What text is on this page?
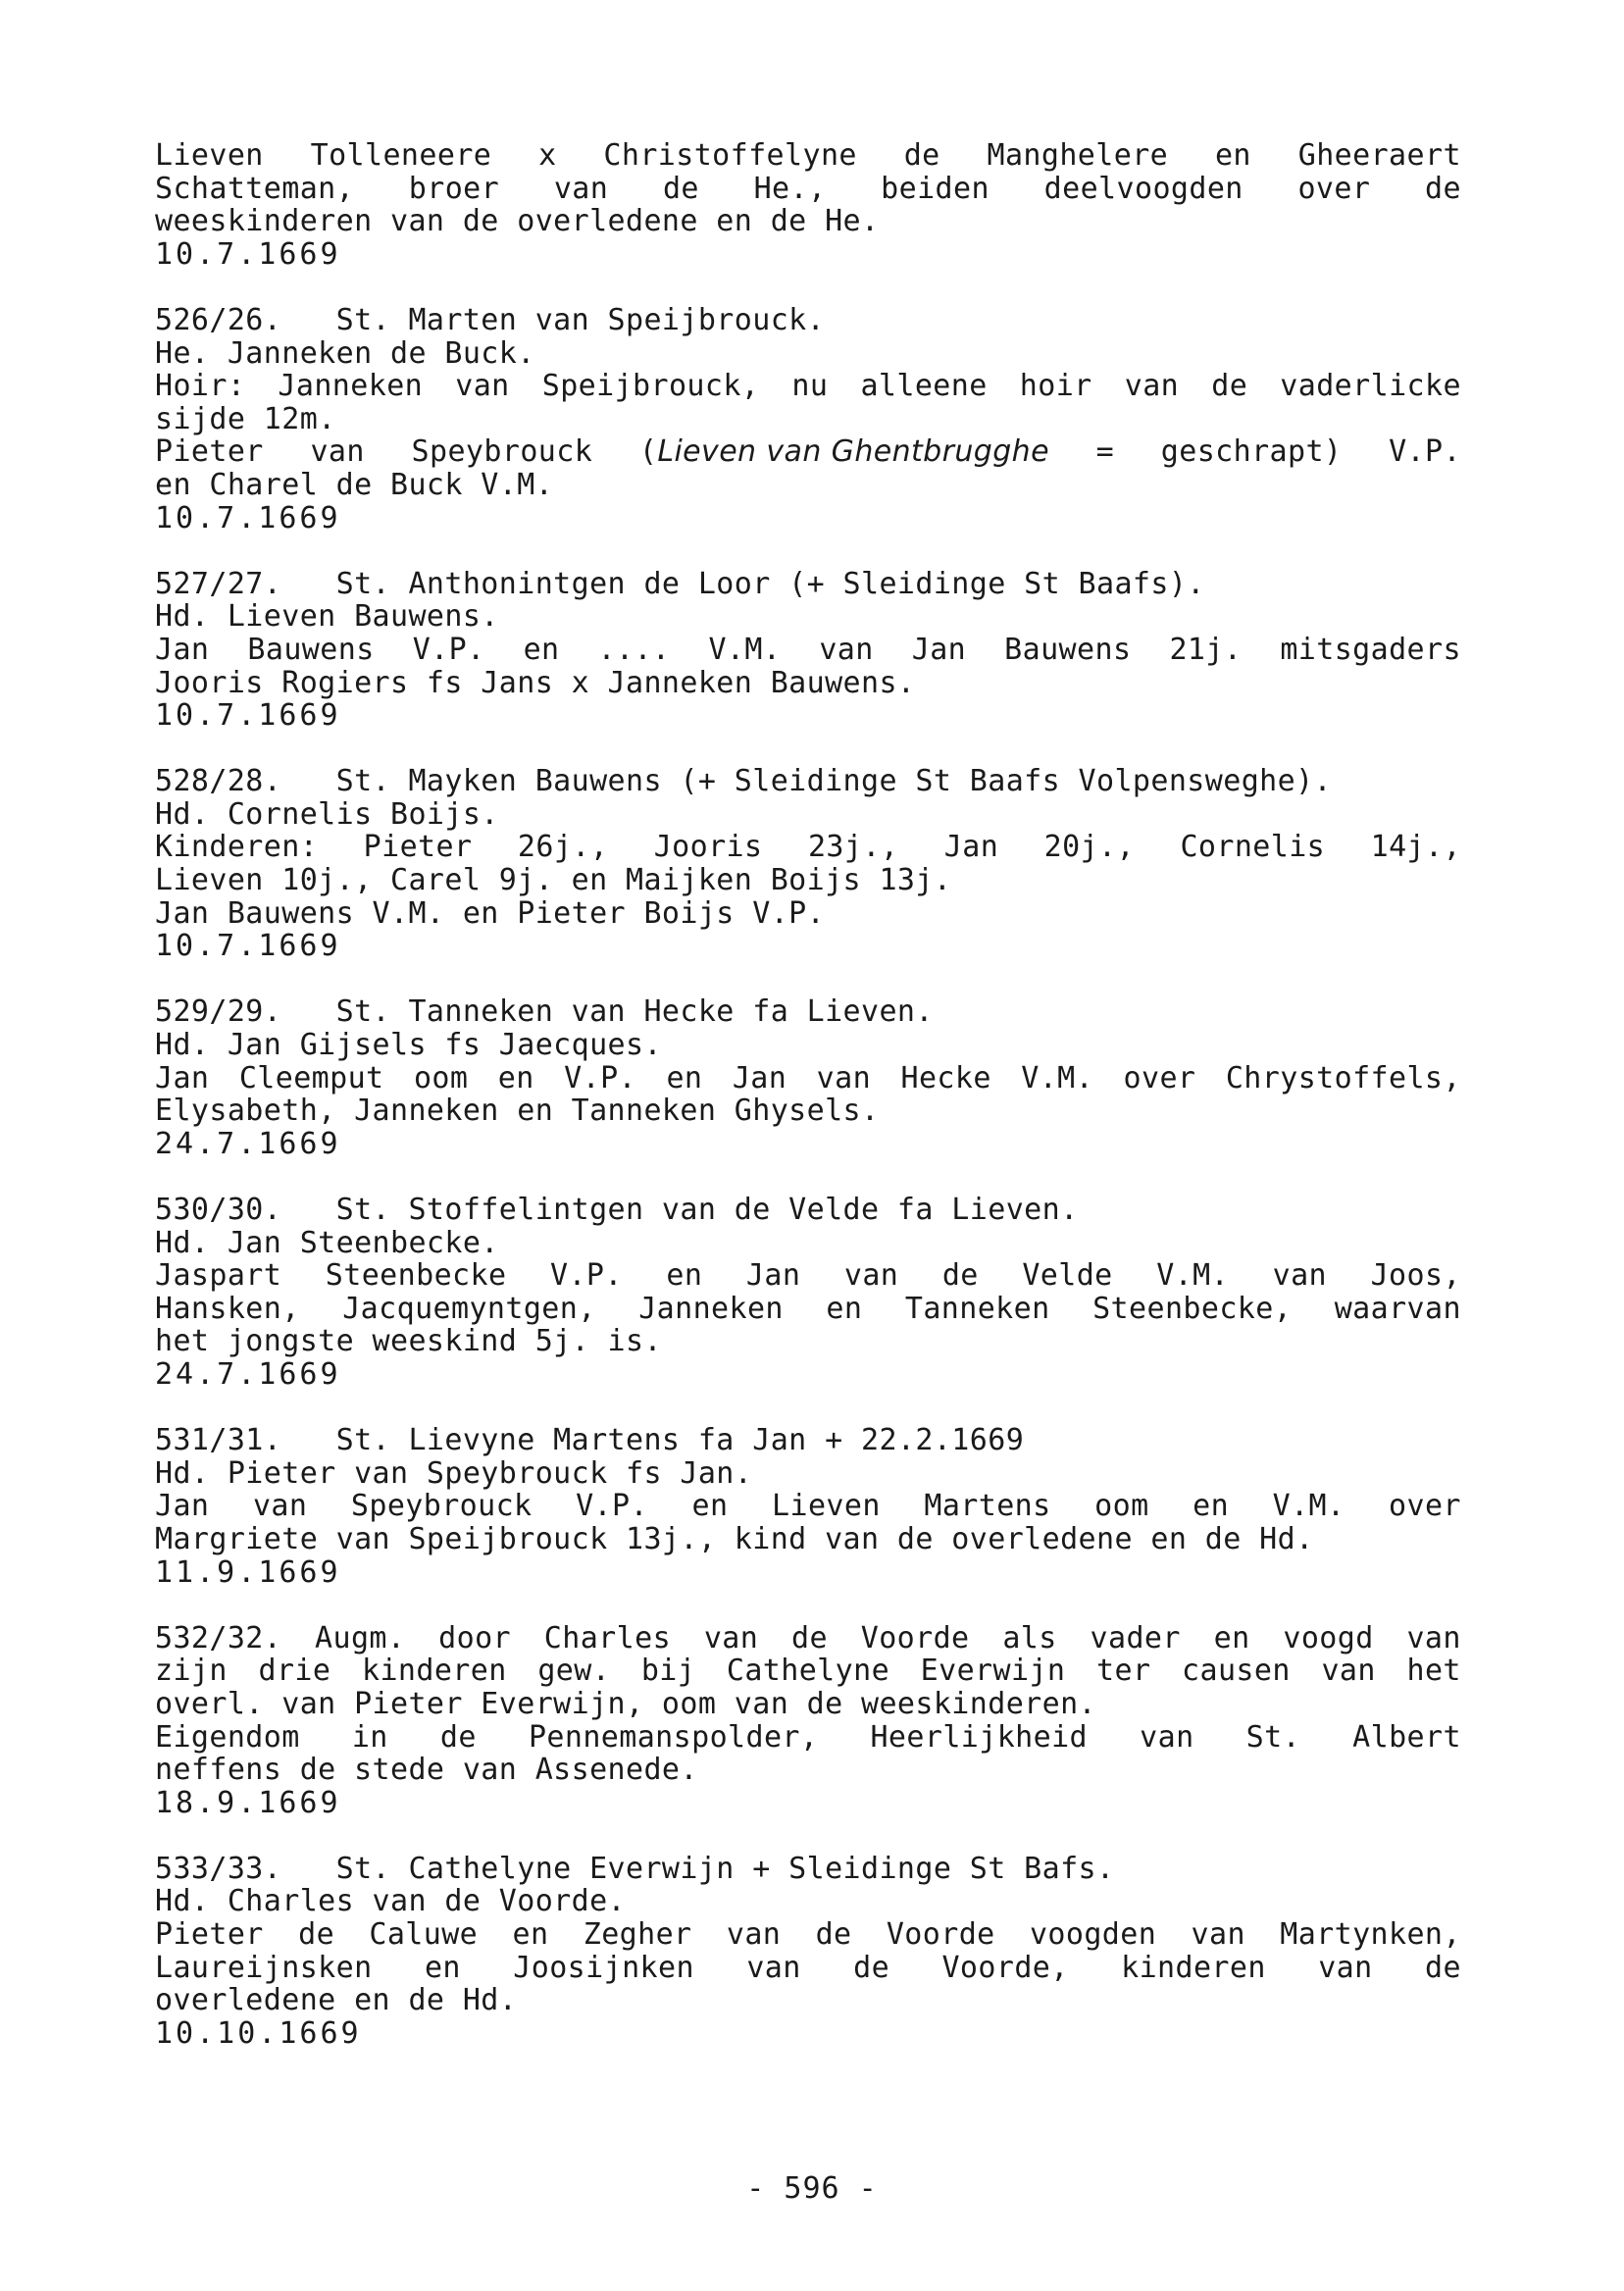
Lieven Tolleneere x Christoffelyne de Manghelere en Gheeraert
Schatteman, broer van de He., beiden deelvoogden over de
weeskinderen van de overledene en de He.
10.7.1669
526/26.   St. Marten van Speijbrouck.
He. Janneken de Buck.
Hoir: Janneken van Speijbrouck, nu alleene hoir van de vaderlicke
sijde 12m.
Pieter van Speybrouck (Lieven van Ghentbrugghe = geschrapt) V.P.
en Charel de Buck V.M.
10.7.1669
527/27.   St. Anthonintgen de Loor (+ Sleidinge St Baafs).
Hd. Lieven Bauwens.
Jan Bauwens V.P. en .... V.M. van Jan Bauwens 21j. mitsgaders
Jooris Rogiers fs Jans x Janneken Bauwens.
10.7.1669
528/28.   St. Mayken Bauwens (+ Sleidinge St Baafs Volpensweghe).
Hd. Cornelis Boijs.
Kinderen: Pieter 26j., Jooris 23j., Jan 20j., Cornelis 14j.,
Lieven 10j., Carel 9j. en Maijken Boijs 13j.
Jan Bauwens V.M. en Pieter Boijs V.P.
10.7.1669
529/29.   St. Tanneken van Hecke fa Lieven.
Hd. Jan Gijsels fs Jaecques.
Jan Cleemput oom en V.P. en Jan van Hecke V.M. over Chrystoffels,
Elysabeth, Janneken en Tanneken Ghysels.
24.7.1669
530/30.   St. Stoffelintgen van de Velde fa Lieven.
Hd. Jan Steenbecke.
Jaspart Steenbecke V.P. en Jan van de Velde V.M. van Joos,
Hansken, Jacquemyntgen, Janneken en Tanneken Steenbecke, waarvan
het jongste weeskind 5j. is.
24.7.1669
531/31.   St. Lievyne Martens fa Jan + 22.2.1669
Hd. Pieter van Speybrouck fs Jan.
Jan van Speybrouck V.P. en Lieven Martens oom en V.M. over
Margriete van Speijbrouck 13j., kind van de overledene en de Hd.
11.9.1669
532/32. Augm. door Charles van de Voorde als vader en voogd van
zijn drie kinderen gew. bij Cathelyne Everwijn ter causen van het
overl. van Pieter Everwijn, oom van de weeskinderen.
Eigendom in de Pennemanspolder, Heerlijkheid van St. Albert
neffens de stede van Assenede.
18.9.1669
533/33.   St. Cathelyne Everwijn + Sleidinge St Bafs.
Hd. Charles van de Voorde.
Pieter de Caluwe en Zegher van de Voorde voogden van Martynken,
Laureijnsken en Joosijnken van de Voorde, kinderen van de
overledene en de Hd.
10.10.1669
- 596 -
